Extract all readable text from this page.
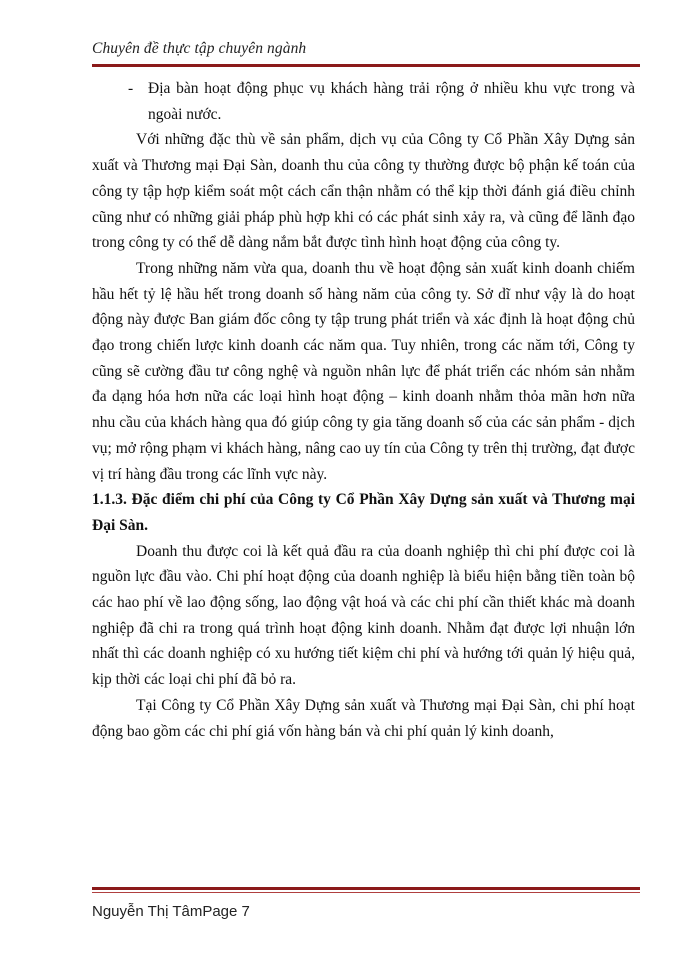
Chuyên đề thực tập chuyên ngành

- Địa bàn hoạt động phục vụ khách hàng trải rộng ở nhiều khu vực trong và ngoài nước.

Với những đặc thù về sản phẩm, dịch vụ của Công ty Cổ Phần Xây Dựng sản xuất và Thương mại Đại Sàn, doanh thu của công ty thường được bộ phận kế toán của công ty tập hợp kiểm soát một cách cẩn thận nhằm có thể kịp thời đánh giá điều chỉnh cũng như có những giải pháp phù hợp khi có các phát sinh xảy ra, và cũng để lãnh đạo trong công ty có thể dễ dàng nắm bắt được tình hình hoạt động của công ty.

Trong những năm vừa qua, doanh thu về hoạt động sản xuất kinh doanh chiếm hầu hết tỷ lệ hầu hết trong doanh số hàng năm của công ty. Sở dĩ như vậy là do hoạt động này được Ban giám đốc công ty tập trung phát triển và xác định là hoạt động chủ đạo trong chiến lược kinh doanh các năm qua. Tuy nhiên, trong các năm tới, Công ty cũng sẽ cường đầu tư công nghệ và nguồn nhân lực để phát triển các nhóm sản nhằm đa dạng hóa hơn nữa các loại hình hoạt động – kinh doanh nhằm thỏa mãn hơn nữa nhu cầu của khách hàng qua đó giúp công ty gia tăng doanh số của các sản phẩm - dịch vụ; mở rộng phạm vi khách hàng, nâng cao uy tín của Công ty trên thị trường, đạt được vị trí hàng đầu trong các lĩnh vực này.

1.1.3. Đặc điểm chi phí của Công ty Cổ Phần Xây Dựng sản xuất và Thương mại Đại Sàn.

Doanh thu được coi là kết quả đầu ra của doanh nghiệp thì chi phí được coi là nguồn lực đầu vào. Chi phí hoạt động của doanh nghiệp là biểu hiện bằng tiền toàn bộ các hao phí về lao động sống, lao động vật hoá và các chi phí cần thiết khác mà doanh nghiệp đã chi ra trong quá trình hoạt động kinh doanh. Nhằm đạt được lợi nhuận lớn nhất thì các doanh nghiệp có xu hướng tiết kiệm chi phí và hướng tới quản lý hiệu quả, kịp thời các loại chi phí đã bỏ ra.

Tại Công ty Cổ Phần Xây Dựng sản xuất và Thương mại Đại Sàn, chi phí hoạt động bao gồm các chi phí giá vốn hàng bán và chi phí quản lý kinh doanh,

Nguyễn Thị TâmPage 7
